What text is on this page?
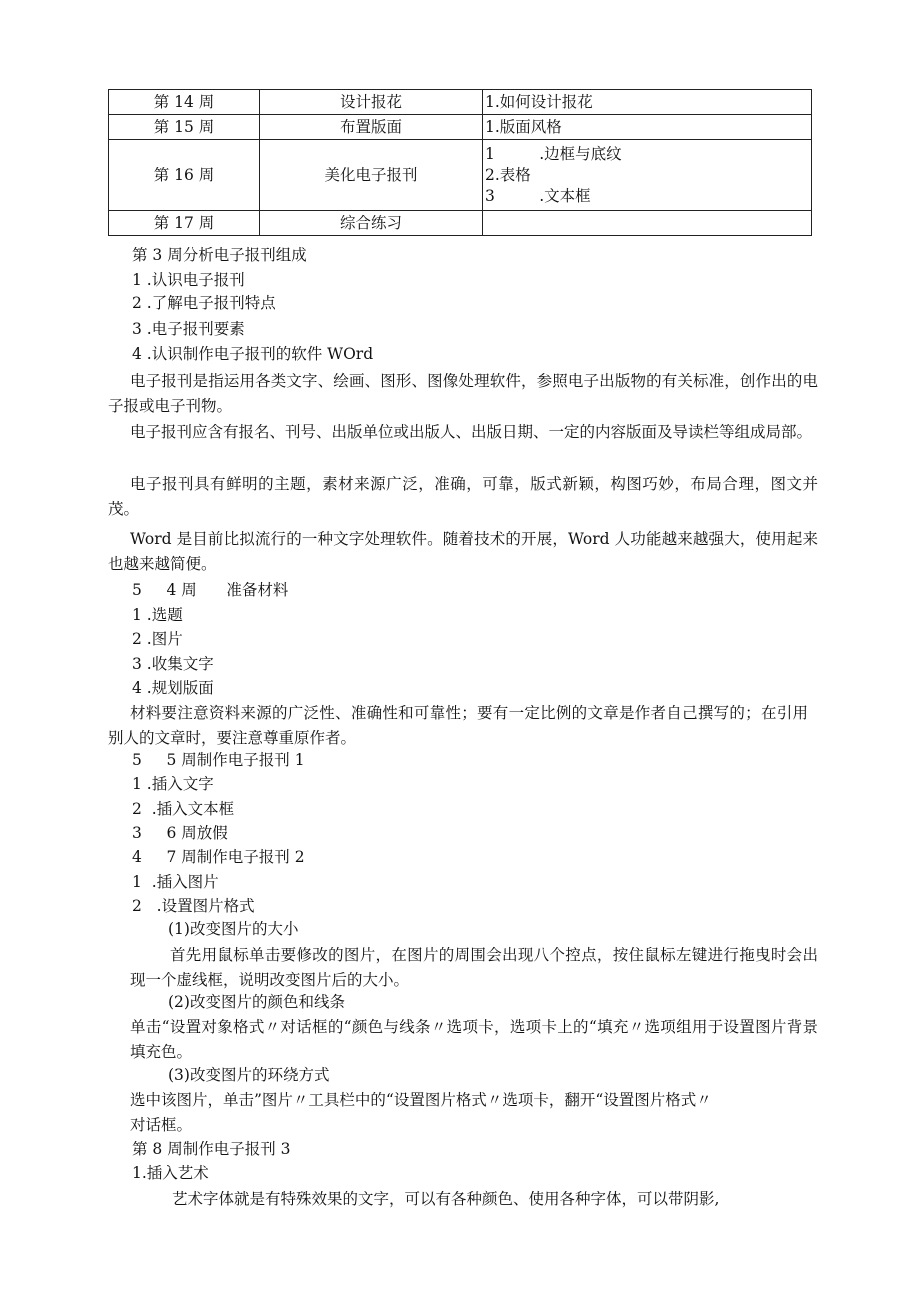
第 14 周	设计报花	1.如何设计报花

第 15 周	布置版面	1.版面风格

第 16 周	美化电子报刊	1         .边框与底纹
2.表格
3         .文本框

第 17 周	综合练习	
第 3 周分析电子报刊组成
1 .认识电子报刊
2 .了解电子报刊特点
3 .电子报刊要素
4 .认识制作电子报刊的软件 WOrd
电子报刊是指运用各类文字、绘画、图形、图像处理软件，参照电子出版物的有关标准，创作出的电子报或电子刊物。
电子报刊应含有报名、刊号、出版单位或出版人、出版日期、一定的内容版面及导读栏等组成局部。
电子报刊具有鲜明的主题，素材来源广泛，准确，可靠，版式新颖，构图巧妙，布局合理，图文并茂。
Word 是目前比拟流行的一种文字处理软件。随着技术的开展，Word 人功能越来越强大，使用起来也越来越简便。
5     4 周      准备材料
1 .选题
2 .图片
3 .收集文字
4 .规划版面
材料要注意资料来源的广泛性、准确性和可靠性；要有一定比例的文章是作者自己撰写的；在引用别人的文章时，要注意尊重原作者。
5     5 周制作电子报刊 1
1 .插入文字
2  .插入文本框
3     6 周放假
4     7 周制作电子报刊 2
1  .插入图片
2   .设置图片格式
(1)改变图片的大小
首先用鼠标单击要修改的图片，在图片的周围会出现八个控点，按住鼠标左键进行拖曳时会出现一个虚线框，说明改变图片后的大小。
(2)改变图片的颜色和线条
单击“设置对象格式〃对话框的“颜色与线条〃选项卡，选项卡上的“填充〃选项组用于设置图片背景填充色。
(3)改变图片的环绕方式
选中该图片，单击”图片〃工具栏中的“设置图片格式〃选项卡，翻开“设置图片格式〃
对话框。
第 8 周制作电子报刊 3
1.插入艺术
艺术字体就是有特殊效果的文字，可以有各种颜色、使用各种字体，可以带阴影,
